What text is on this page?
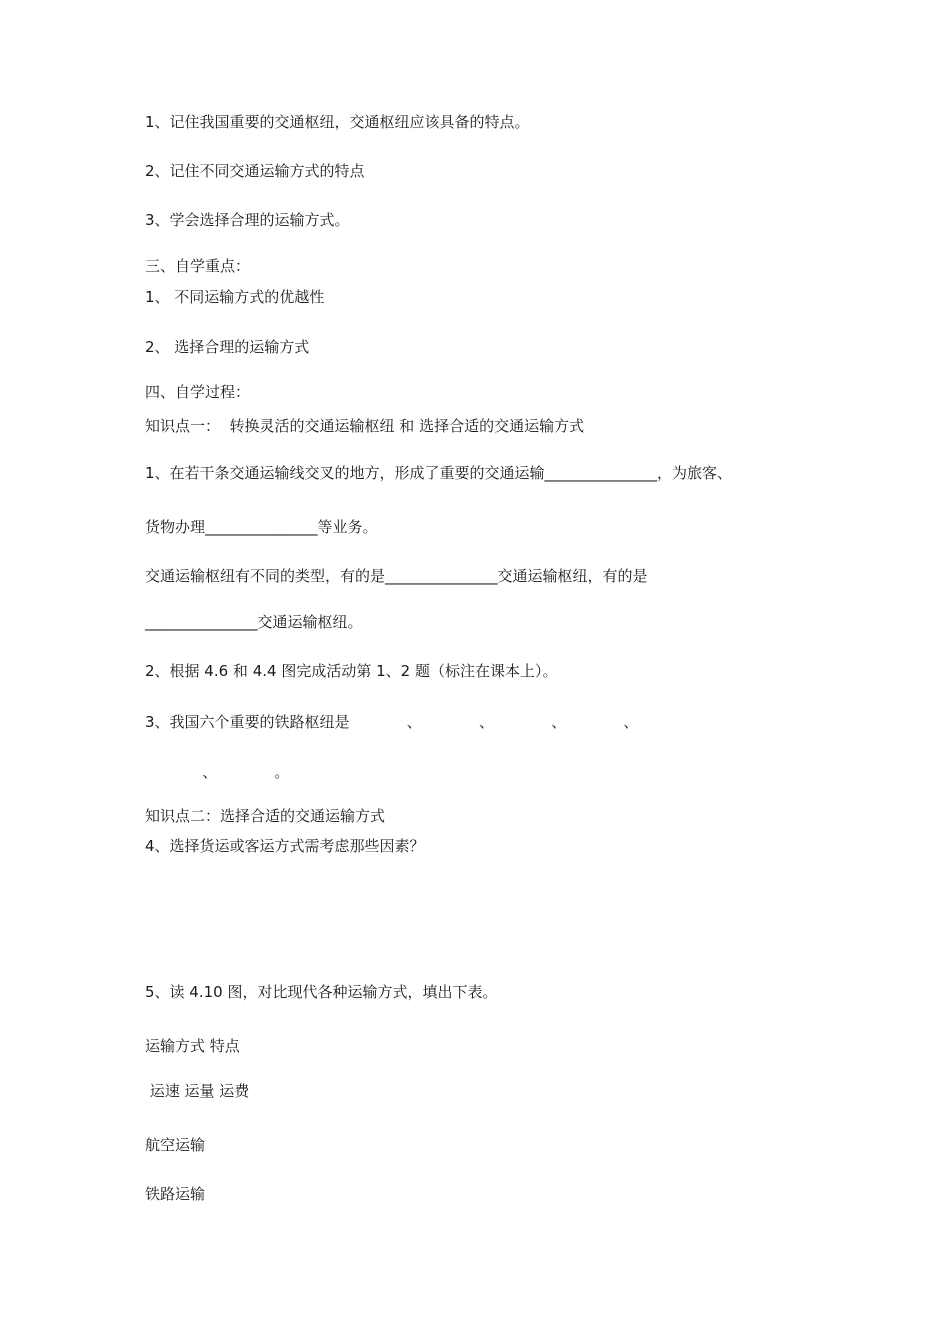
1、记住我国重要的交通枢纽，交通枢纽应该具备的特点。
2、记住不同交通运输方式的特点
3、学会选择合理的运输方式。
三、自学重点：
1、 不同运输方式的优越性
2、 选择合理的运输方式
四、自学过程：
知识点一：  转换灵活的交通运输枢纽 和 选择合适的交通运输方式
1、在若干条交通运输线交叉的地方，形成了重要的交通运输_______________，为旅客、
货物办理_______________等业务。
交通运输枢纽有不同的类型，有的是_______________交通运输枢纽，有的是
_______________交通运输枢纽。
2、根据 4.6 和 4.4 图完成活动第 1、2 题（标注在课本上）。
3、我国六个重要的铁路枢纽是            、            、            、            、
、            。
知识点二：选择合适的交通运输方式
4、选择货运或客运方式需考虑那些因素？
5、读 4.10 图，对比现代各种运输方式，填出下表。
运输方式 特点
运速 运量 运费
航空运输
铁路运输
